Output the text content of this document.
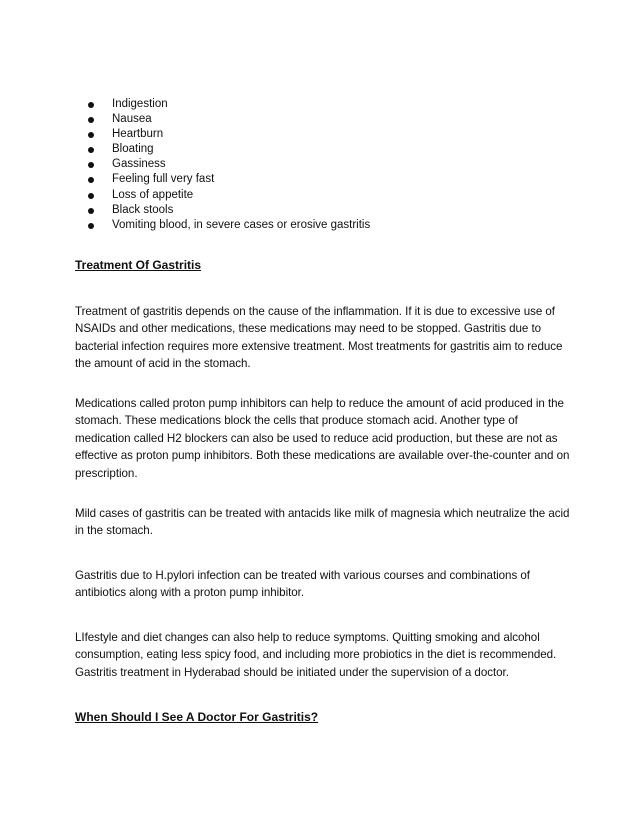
Indigestion
Nausea
Heartburn
Bloating
Gassiness
Feeling full very fast
Loss of appetite
Black stools
Vomiting blood, in severe cases or erosive gastritis
Treatment Of Gastritis

Treatment of gastritis depends on the cause of the inflammation. If it is due to excessive use of NSAIDs and other medications, these medications may need to be stopped. Gastritis due to bacterial infection requires more extensive treatment. Most treatments for gastritis aim to reduce the amount of acid in the stomach.

Medications called proton pump inhibitors can help to reduce the amount of acid produced in the stomach. These medications block the cells that produce stomach acid. Another type of medication called H2 blockers can also be used to reduce acid production, but these are not as effective as proton pump inhibitors. Both these medications are available over-the-counter and on prescription.

Mild cases of gastritis can be treated with antacids like milk of magnesia which neutralize the acid in the stomach.

Gastritis due to H.pylori infection can be treated with various courses and combinations of antibiotics along with a proton pump inhibitor.

LIfestyle and diet changes can also help to reduce symptoms. Quitting smoking and alcohol consumption, eating less spicy food, and including more probiotics in the diet is recommended. Gastritis treatment in Hyderabad should be initiated under the supervision of a doctor.

When Should I See A Doctor For Gastritis?
